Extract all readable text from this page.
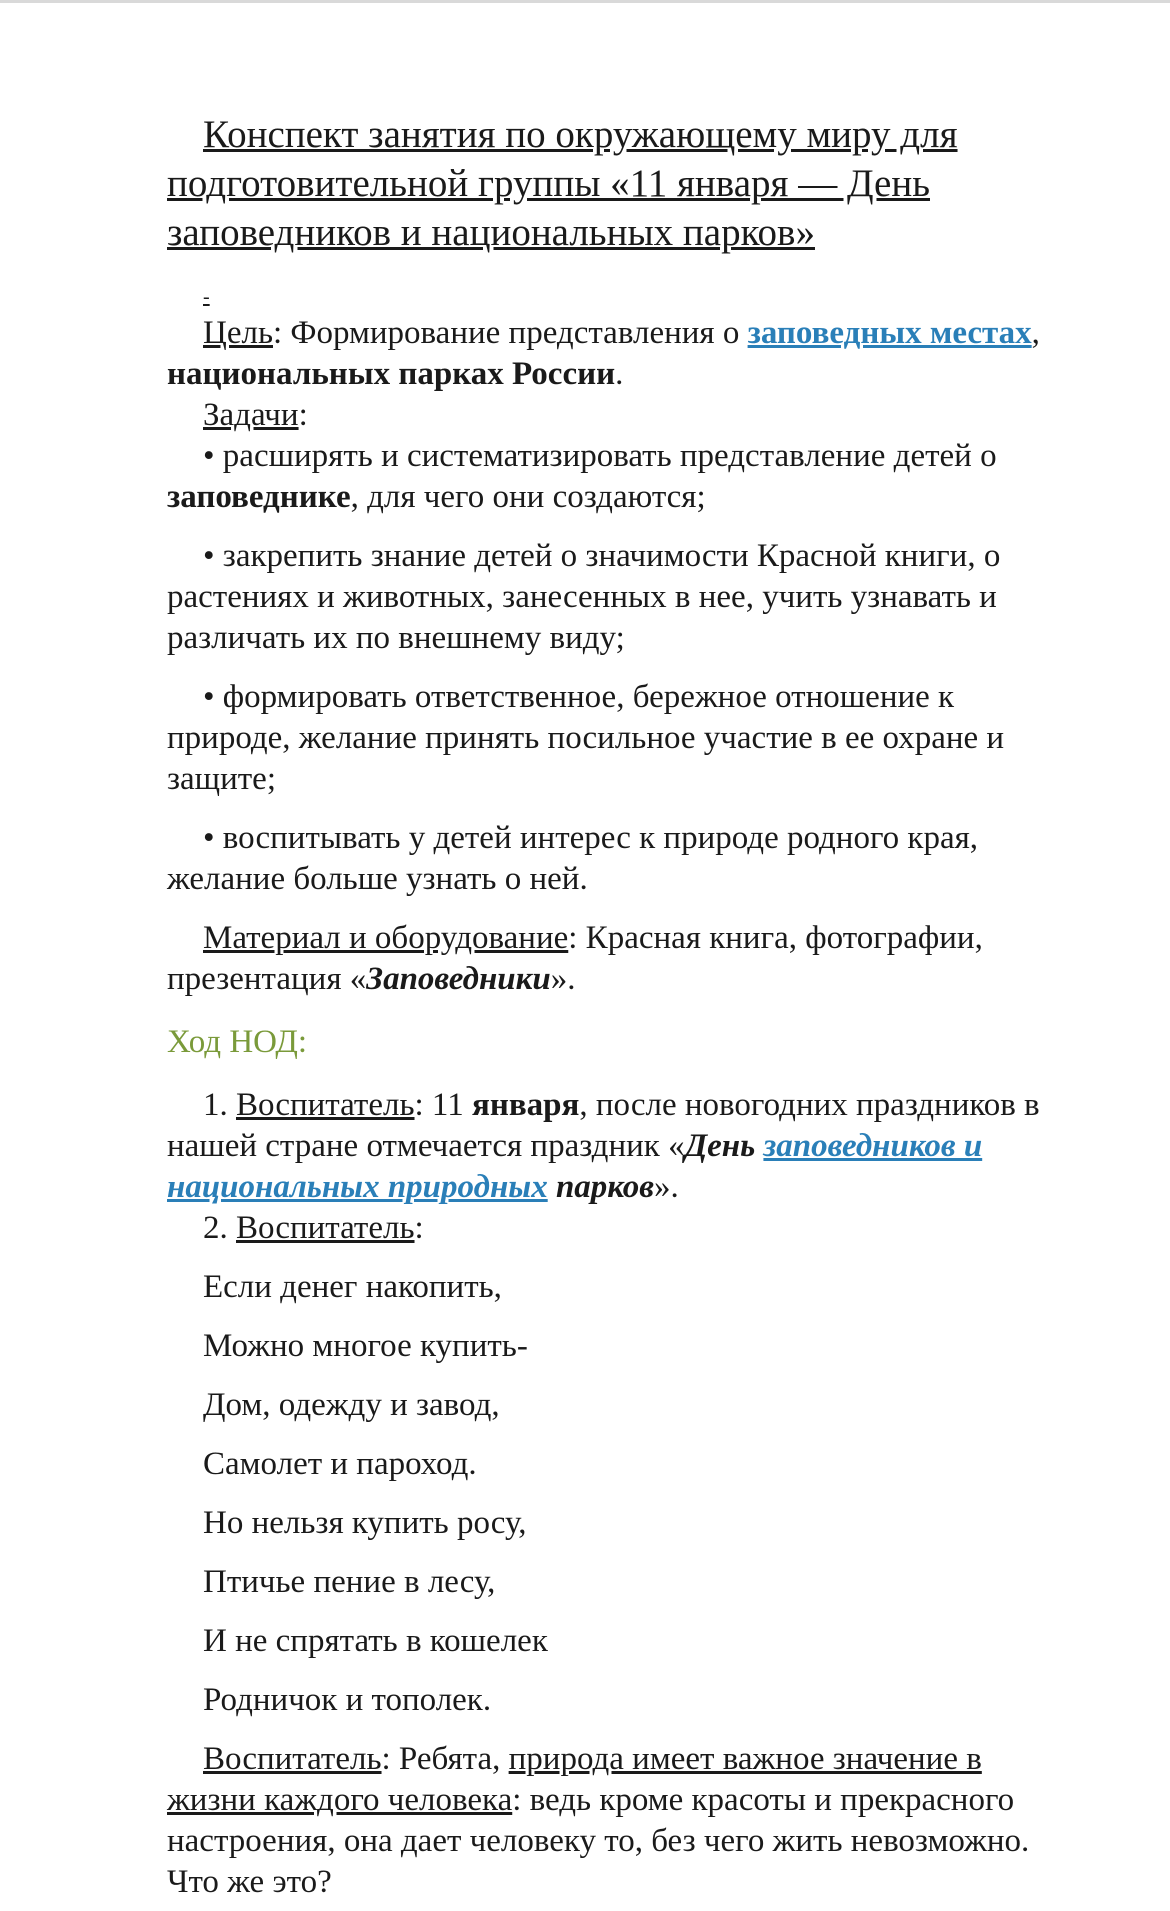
Конспект занятия по окружающему миру для подготовительной группы «11 января — День заповедников и национальных парков»
-

Цель: Формирование представления о заповедных местах, национальных парках России.

Задачи:

• расширять и систематизировать представление детей о заповеднике, для чего они создаются;

• закрепить знание детей о значимости Красной книги, о растениях и животных, занесенных в нее, учить узнавать и различать их по внешнему виду;

• формировать ответственное, бережное отношение к природе, желание принять посильное участие в ее охране и защите;

• воспитывать у детей интерес к природе родного края, желание больше узнать о ней.

Материал и оборудование: Красная книга, фотографии, презентация «Заповедники».

Ход НОД:

1. Воспитатель: 11 января, после новогодних праздников в нашей стране отмечается праздник «День заповедников и национальных природных парков».

2. Воспитатель:

Если денег накопить,

Можно многое купить-

Дом, одежду и завод,

Самолет и пароход.

Но нельзя купить росу,

Птичье пение в лесу,

И не спрятать в кошелек

Родничок и тополек.

Воспитатель: Ребята, природа имеет важное значение в жизни каждого человека: ведь кроме красоты и прекрасного настроения, она дает человеку то, без чего жить невозможно. Что же это?
